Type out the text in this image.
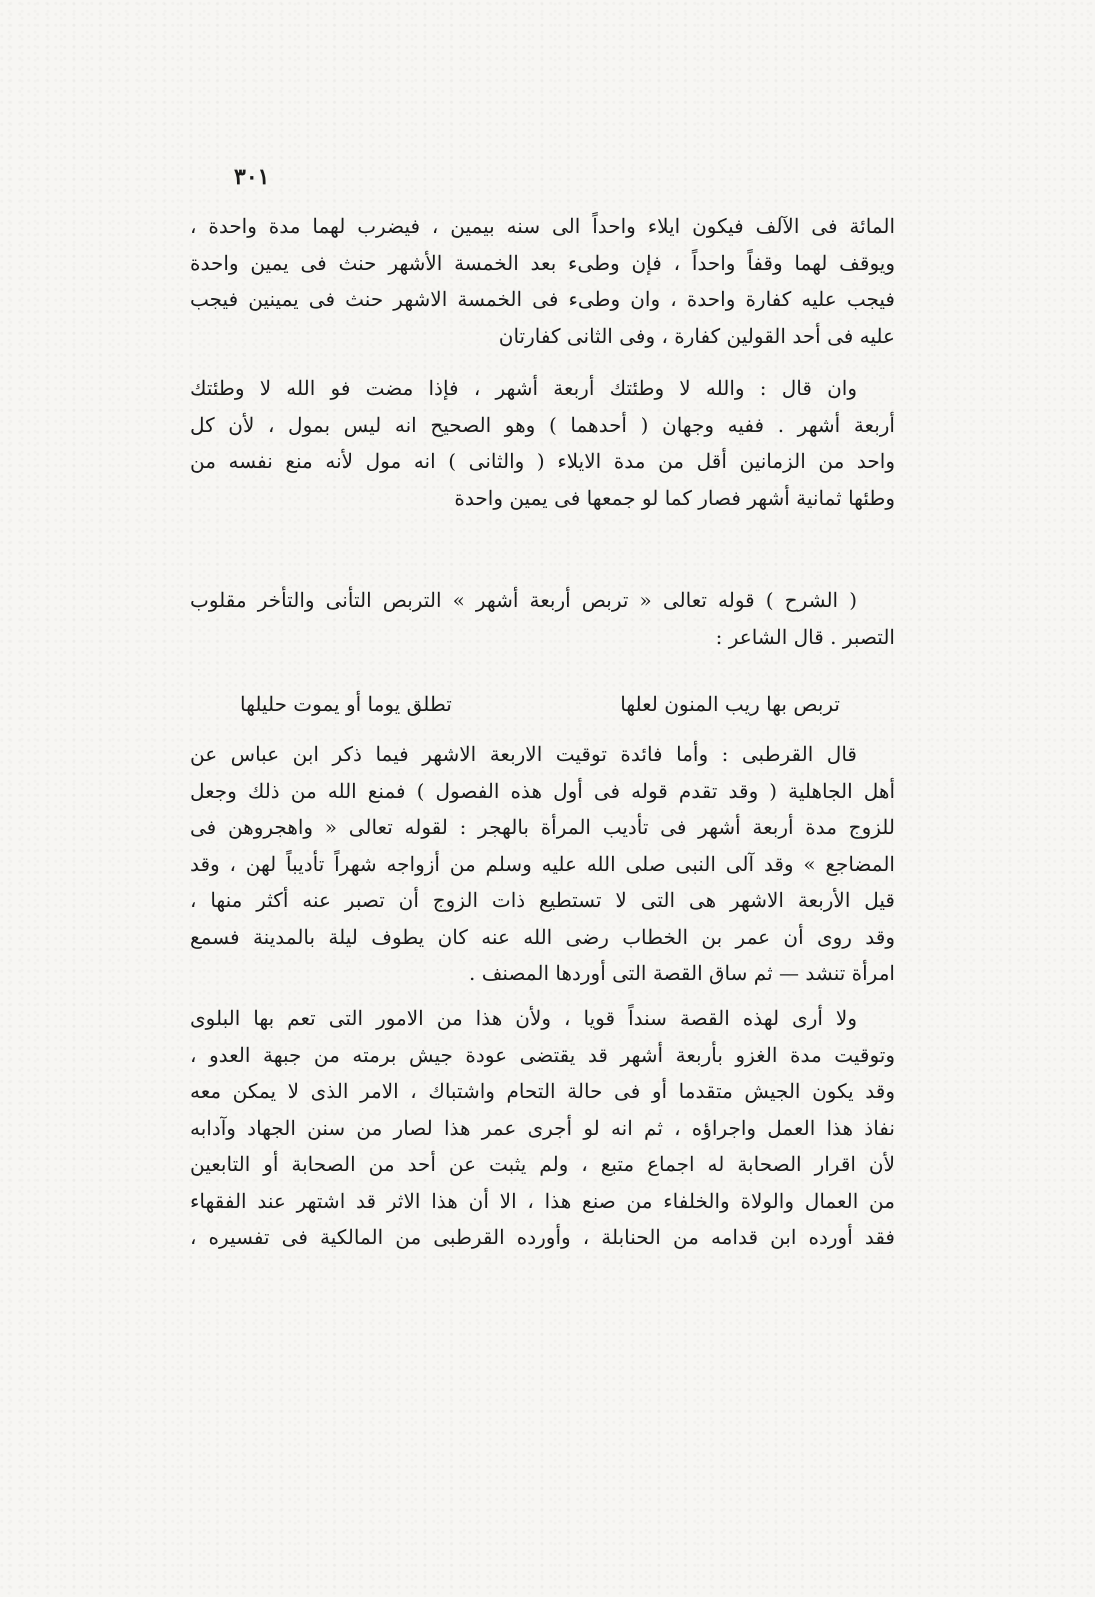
٣٠١
المائة فى الآلف فيكون ايلاء واحداً الى سنه بيمين ، فيضرب لهما مدة واحدة ،
ويوقف لهما وقفاً واحداً ، فإن وطىء بعد الخمسة الأشهر حنث فى يمين واحدة
فيجب عليه كفارة واحدة ، وان وطىء فى الخمسة الاشهر حنث فى يمينين فيجب
عليه فى أحد القولين كفارة ، وفى الثانى كفارتان
وان قال : والله لا وطئتك أربعة أشهر ، فإذا مضت فو الله لا وطئتك
أربعة أشهر . ففيه وجهان ( أحدهما ) وهو الصحيح انه ليس بمول ، لأن كل
واحد من الزمانين أقل من مدة الايلاء ( والثانى ) انه مول لأنه منع نفسه من
وطئها ثمانية أشهر فصار كما لو جمعها فى يمين واحدة
( الشرح ) قوله تعالى « تربص أربعة أشهر » التربص التأنى والتأخر مقلوب
التصبر . قال الشاعر :
تربص بها ريب المنون لعلها
تطلق يوما أو يموت حليلها
قال القرطبى : وأما فائدة توقيت الاربعة الاشهر فيما ذكر ابن عباس عن
أهل الجاهلية ( وقد تقدم قوله فى أول هذه الفصول ) فمنع الله من ذلك وجعل
للزوج مدة أربعة أشهر فى تأديب المرأة بالهجر : لقوله تعالى « واهجروهن فى
المضاجع » وقد آلى النبى صلى الله عليه وسلم من أزواجه شهراً تأديباً لهن ، وقد
قيل الأربعة الاشهر هى التى لا تستطيع ذات الزوج أن تصبر عنه أكثر منها ،
وقد روى أن عمر بن الخطاب رضى الله عنه كان يطوف ليلة بالمدينة فسمع
امرأة تنشد — ثم ساق القصة التى أوردها المصنف .
ولا أرى لهذه القصة سنداً قويا ، ولأن هذا من الامور التى تعم بها البلوى
وتوقيت مدة الغزو بأربعة أشهر قد يقتضى عودة جيش برمته من جبهة العدو ،
وقد يكون الجيش متقدما أو فى حالة التحام واشتباك ، الامر الذى لا يمكن معه
نفاذ هذا العمل واجراؤه ، ثم انه لو أجرى عمر هذا لصار من سنن الجهاد وآدابه
لأن اقرار الصحابة له اجماع متبع ، ولم يثبت عن أحد من الصحابة أو التابعين
من العمال والولاة والخلفاء من صنع هذا ، الا أن هذا الاثر قد اشتهر عند الفقهاء
فقد أورده ابن قدامه من الحنابلة ، وأورده القرطبى من المالكية فى تفسيره ،
